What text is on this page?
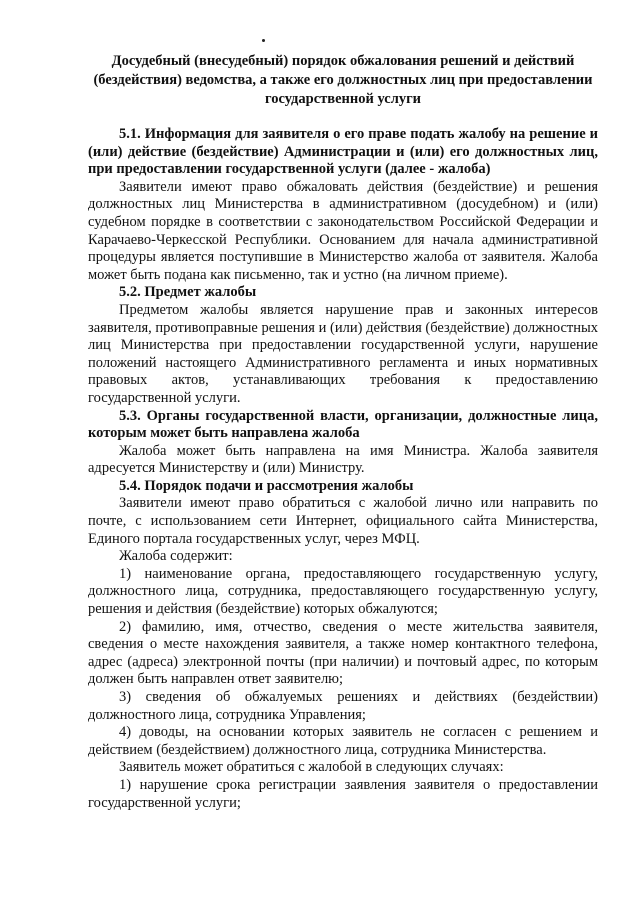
Досудебный (внесудебный) порядок обжалования решений и действий (бездействия) ведомства, а также его должностных лиц при предоставлении государственной услуги

5.1. Информация для заявителя о его праве подать жалобу на решение и (или) действие (бездействие) Администрации и (или) его должностных лиц, при предоставлении государственной услуги (далее - жалоба)

Заявители имеют право обжаловать действия (бездействие) и решения должностных лиц Министерства в административном (досудебном) и (или) судебном порядке в соответствии с законодательством Российской Федерации и Карачаево-Черкесской Республики. Основанием для начала административной процедуры является поступившие в Министерство жалоба от заявителя. Жалоба может быть подана как письменно, так и устно (на личном приеме).

5.2. Предмет жалобы

Предметом жалобы является нарушение прав и законных интересов заявителя, противоправные решения и (или) действия (бездействие) должностных лиц Министерства при предоставлении государственной услуги, нарушение положений настоящего Административного регламента и иных нормативных правовых актов, устанавливающих требования к предоставлению государственной услуги.

5.3. Органы государственной власти, организации, должностные лица, которым может быть направлена жалоба

Жалоба может быть направлена на имя Министра. Жалоба заявителя адресуется Министерству и (или) Министру.

5.4. Порядок подачи и рассмотрения жалобы

Заявители имеют право обратиться с жалобой лично или направить по почте, с использованием сети Интернет, официального сайта Министерства, Единого портала государственных услуг, через МФЦ.

Жалоба содержит:

1) наименование органа, предоставляющего государственную услугу, должностного лица, сотрудника, предоставляющего государственную услугу, решения и действия (бездействие) которых обжалуются;

2) фамилию, имя, отчество, сведения о месте жительства заявителя, сведения о месте нахождения заявителя, а также номер контактного телефона, адрес (адреса) электронной почты (при наличии) и почтовый адрес, по которым должен быть направлен ответ заявителю;

3) сведения об обжалуемых решениях и действиях (бездействии) должностного лица, сотрудника Управления;

4) доводы, на основании которых заявитель не согласен с решением и действием (бездействием) должностного лица, сотрудника Министерства.

Заявитель может обратиться с жалобой в следующих случаях:

1) нарушение срока регистрации заявления заявителя о предоставлении государственной услуги;
